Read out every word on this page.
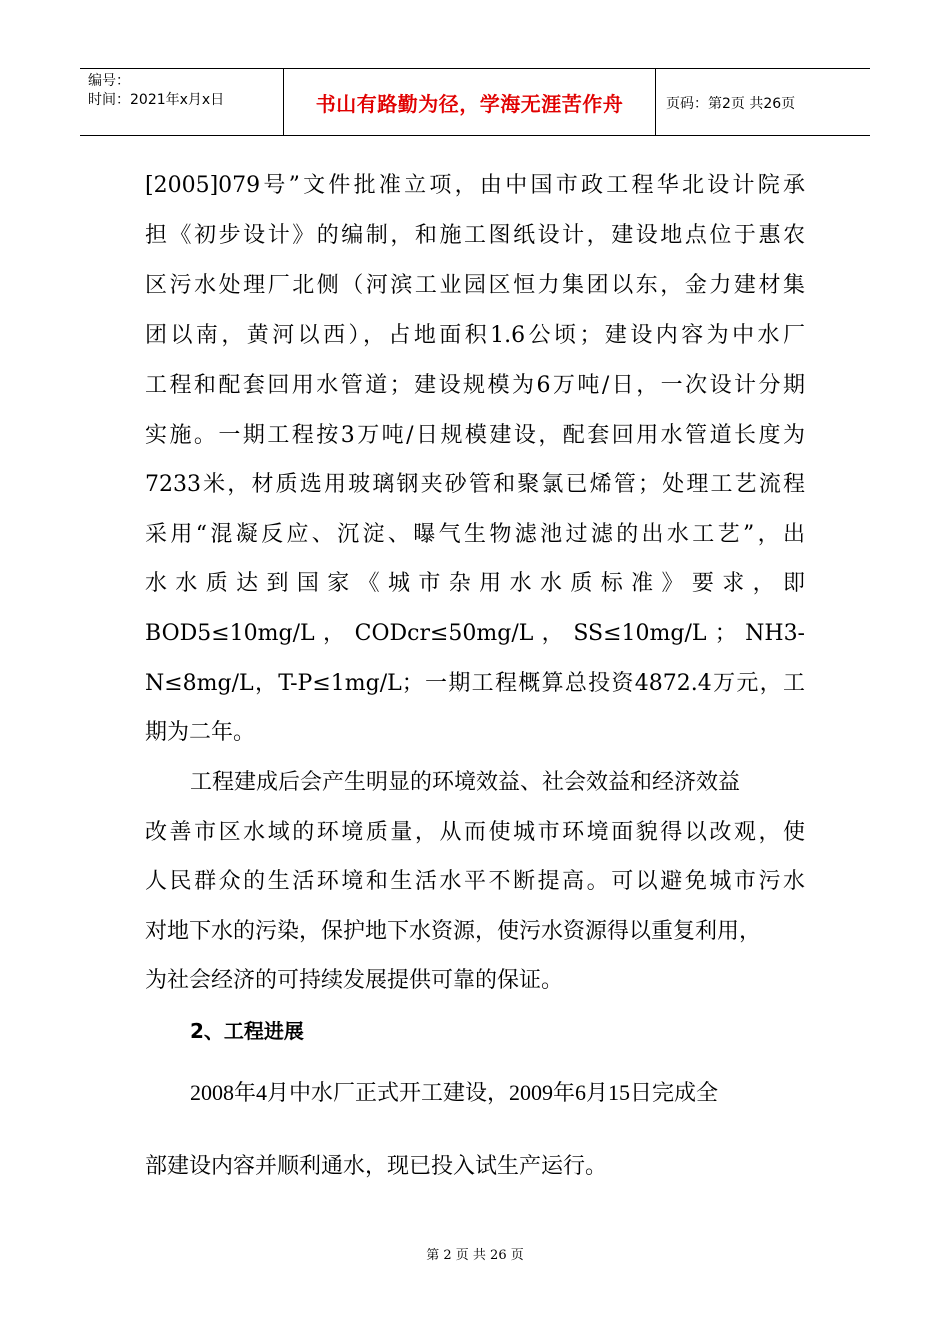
编号：
时间：2021年x月x日	书山有路勤为径，学海无涯苦作舟	页码：第2页 共26页
[2005]079号”文件批准立项，由中国市政工程华北设计院承
担《初步设计》的编制，和施工图纸设计，建设地点位于惠农
区污水处理厂北侧（河滨工业园区恒力集团以东，金力建材集
团以南，黄河以西），占地面积1.6公顷；建设内容为中水厂
工程和配套回用水管道；建设规模为6万吨/日，一次设计分期
实施。一期工程按3万吨/日规模建设，配套回用水管道长度为
7233米，材质选用玻璃钢夹砂管和聚氯已烯管；处理工艺流程
采用“混凝反应、沉淀、曝气生物滤池过滤的出水工艺”，出
水水质达到国家《城市杂用水水质标准》要求，即
BOD5≤10mg/L ， CODcr≤50mg/L ， SS≤10mg/L ； NH3-
N≤8mg/L，T-P≤1mg/L；一期工程概算总投资4872.4万元，工
期为二年。
工程建成后会产生明显的环境效益、社会效益和经济效益
改善市区水域的环境质量，从而使城市环境面貌得以改观，使
人民群众的生活环境和生活水平不断提高。可以避免城市污水
对地下水的污染，保护地下水资源，使污水资源得以重复利用，
为社会经济的可持续发展提供可靠的保证。
2、工程进展
2008年4月中水厂正式开工建设，2009年6月15日完成全
部建设内容并顺利通水，现已投入试生产运行。
第 2 页 共 26 页
